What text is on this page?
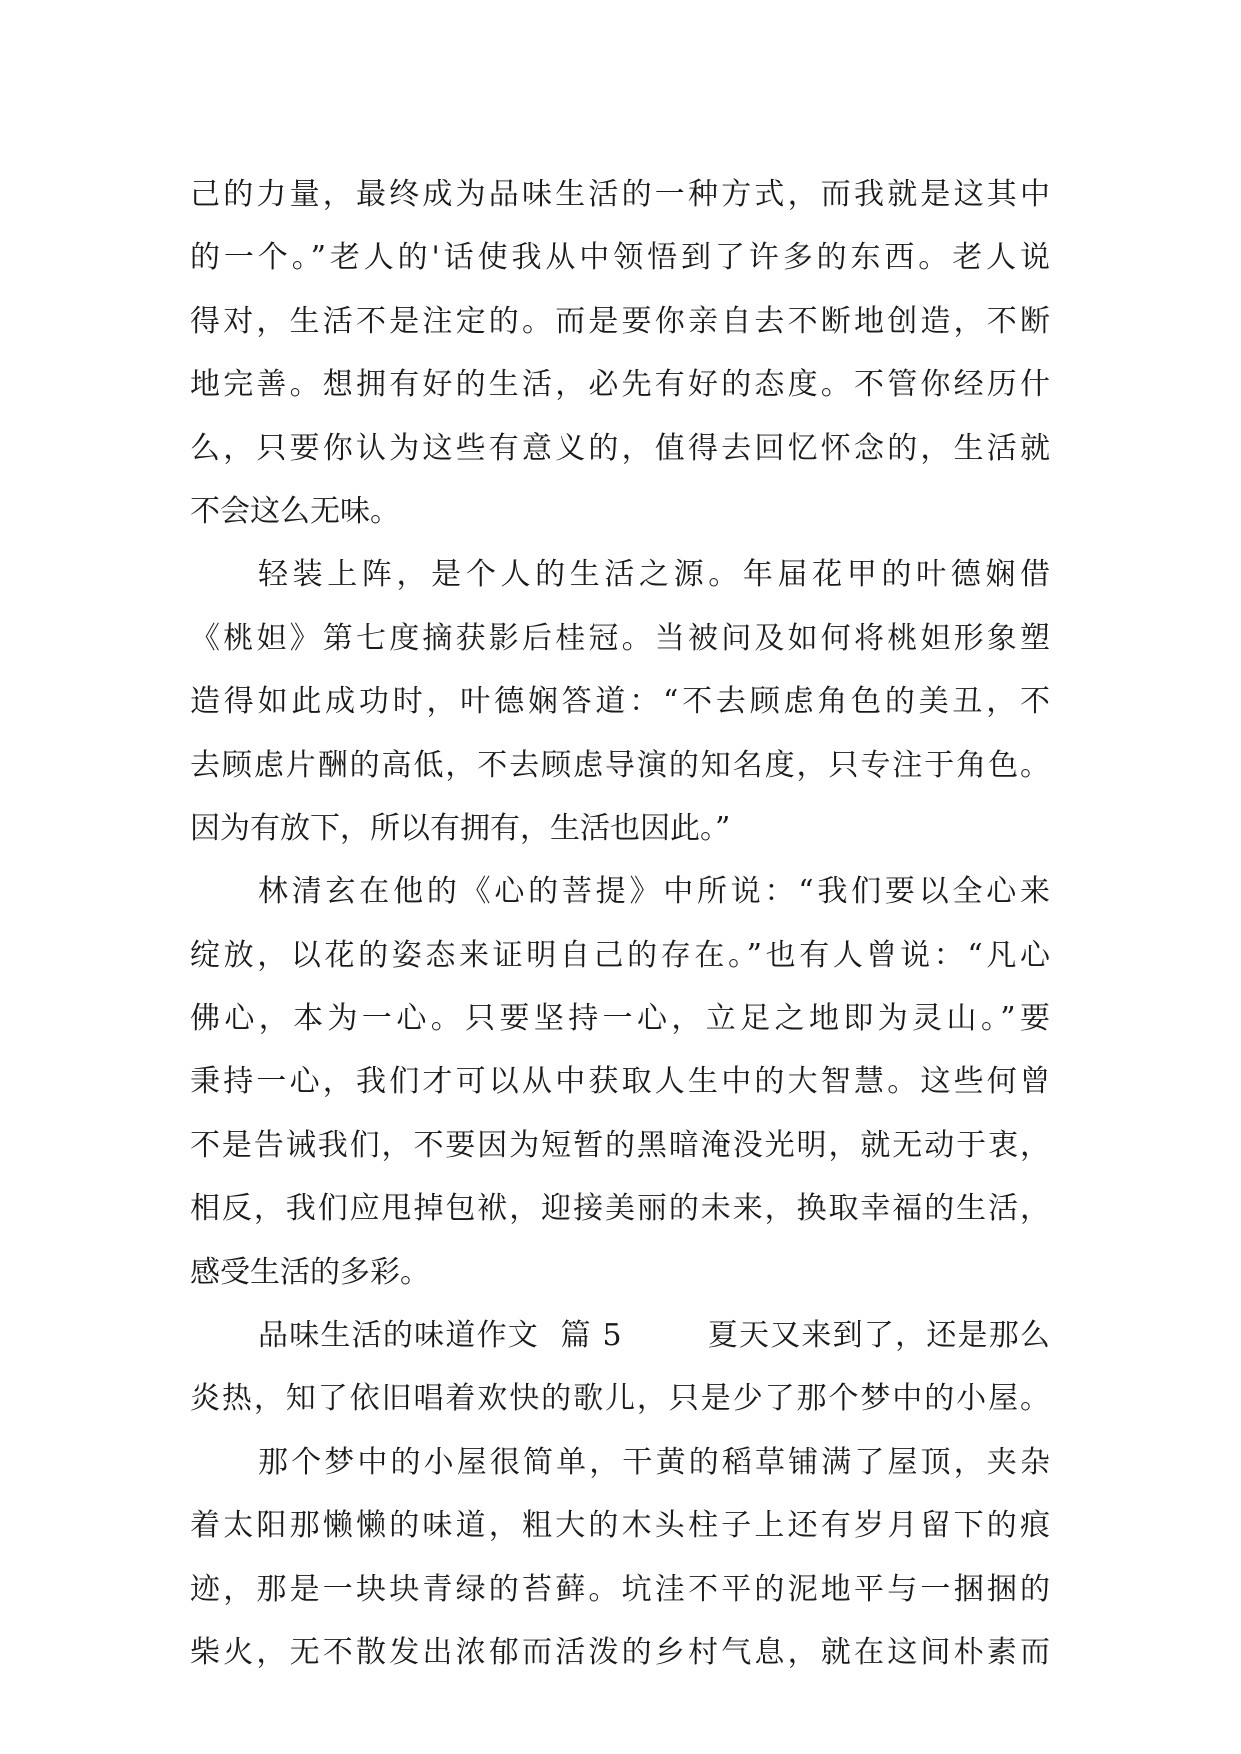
己的力量，最终成为品味生活的一种方式，而我就是这其中
的一个。”老人的'话使我从中领悟到了许多的东西。老人说
得对，生活不是注定的。而是要你亲自去不断地创造，不断
地完善。想拥有好的生活，必先有好的态度。不管你经历什
么，只要你认为这些有意义的，值得去回忆怀念的，生活就
不会这么无味。
轻装上阵，是个人的生活之源。年届花甲的叶德娴借
《桃妲》第七度摘获影后桂冠。当被问及如何将桃妲形象塑
造得如此成功时，叶德娴答道：“不去顾虑角色的美丑，不
去顾虑片酬的高低，不去顾虑导演的知名度，只专注于角色。
因为有放下，所以有拥有，生活也因此。”
林清玄在他的《心的菩提》中所说：“我们要以全心来
绽放，以花的姿态来证明自己的存在。”也有人曾说：“凡心
佛心，本为一心。只要坚持一心，立足之地即为灵山。”要
秉持一心，我们才可以从中获取人生中的大智慧。这些何曾
不是告诫我们，不要因为短暂的黑暗淹没光明，就无动于衷，
相反，我们应甩掉包袱，迎接美丽的未来，换取幸福的生活，
感受生活的多彩。
品味生活的味道作文  篇 5        夏天又来到了，还是那么
炎热，知了依旧唱着欢快的歌儿，只是少了那个梦中的小屋。
那个梦中的小屋很简单，干黄的稻草铺满了屋顶，夹杂
着太阳那懒懒的味道，粗大的木头柱子上还有岁月留下的痕
迹，那是一块块青绿的苔藓。坑洼不平的泥地平与一捆捆的
柴火，无不散发出浓郁而活泼的乡村气息，就在这间朴素而
